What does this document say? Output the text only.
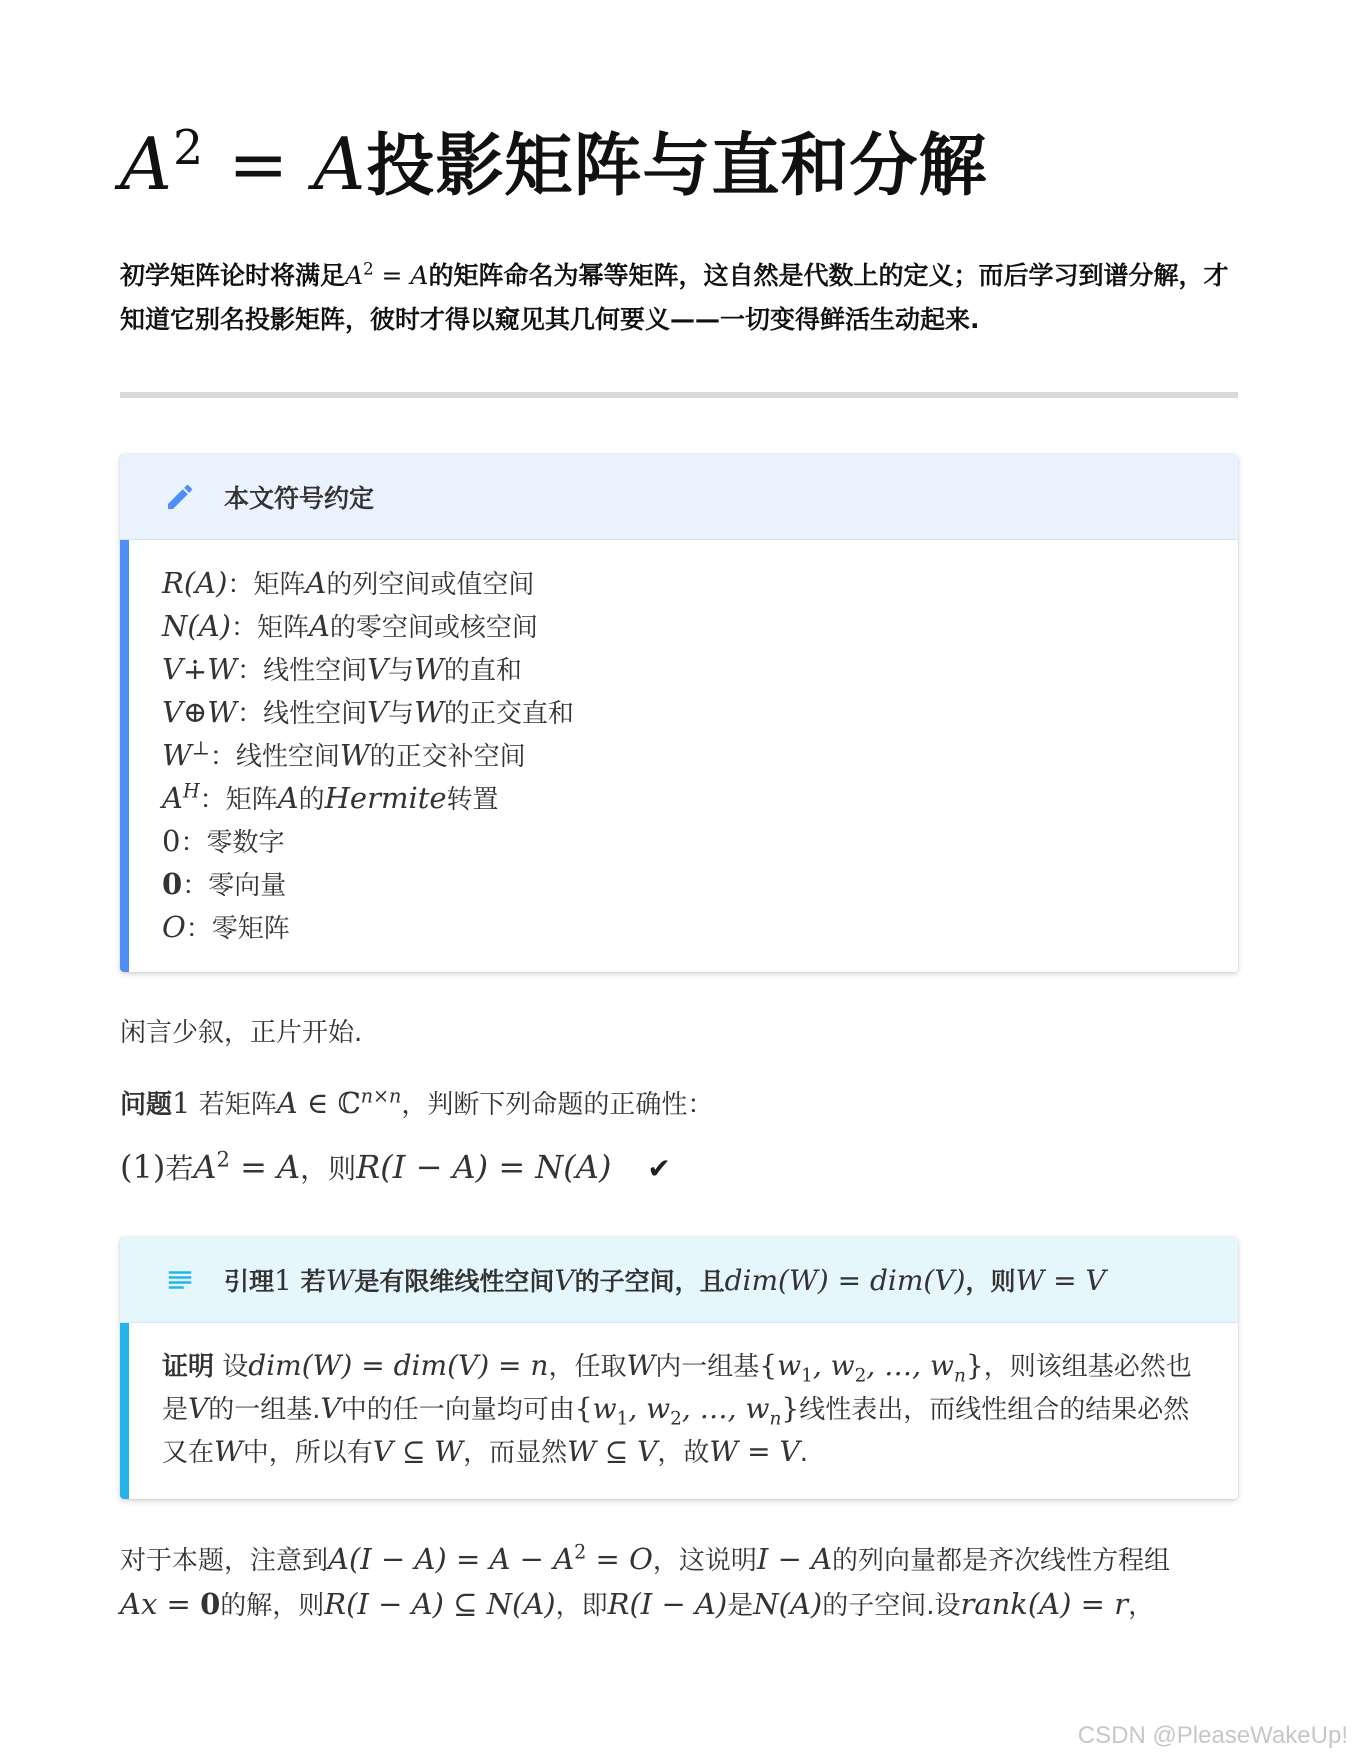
$A^2 = A$投影矩阵与直和分解

初学矩阵论时将满足$A^2 = A$的矩阵命名为幂等矩阵，这自然是代数上的定义；而后学习到谱分解，才知道它别名投影矩阵，彼时才得以窥见其几何要义——一切变得鲜活生动起来.

本文符号约定
R(A)：矩阵A的列空间或值空间
N(A)：矩阵A的零空间或核空间
V∔W：线性空间V与W的直和
V⊕W：线性空间V与W的正交直和
W⊥：线性空间W的正交补空间
$A^H$：矩阵A的Hermite转置
0：零数字
0：零向量
O：零矩阵

闲言少叙，正片开始.

问题1 若矩阵A ∈ ℂ$^{n\times n}$，判断下列命题的正确性：

(1)若$A^2 = A$，则R(I − A) = N(A) ✔

引理1 若W是有限维线性空间V的子空间，且dim(W) = dim(V)，则W = V
证明 设dim(W) = dim(V) = n，任取W内一组基{$w_1$, $w_2$, …, $w_n$}，则该组基必然也是V的一组基.V中的任一向量均可由{$w_1$, $w_2$, …, $w_n$}线性表出，而线性组合的结果必然又在W中，所以有V ⊆ W，而显然W ⊆ V，故W = V.

对于本题，注意到$A(I - A) = A - A^2 = O$，这说明I − A的列向量都是齐次线性方程组
Ax = 0的解，则R(I − A) ⊆ N(A)，即R(I − A)是N(A)的子空间.设rank(A) = r，

CSDN @PleaseWakeUp!
